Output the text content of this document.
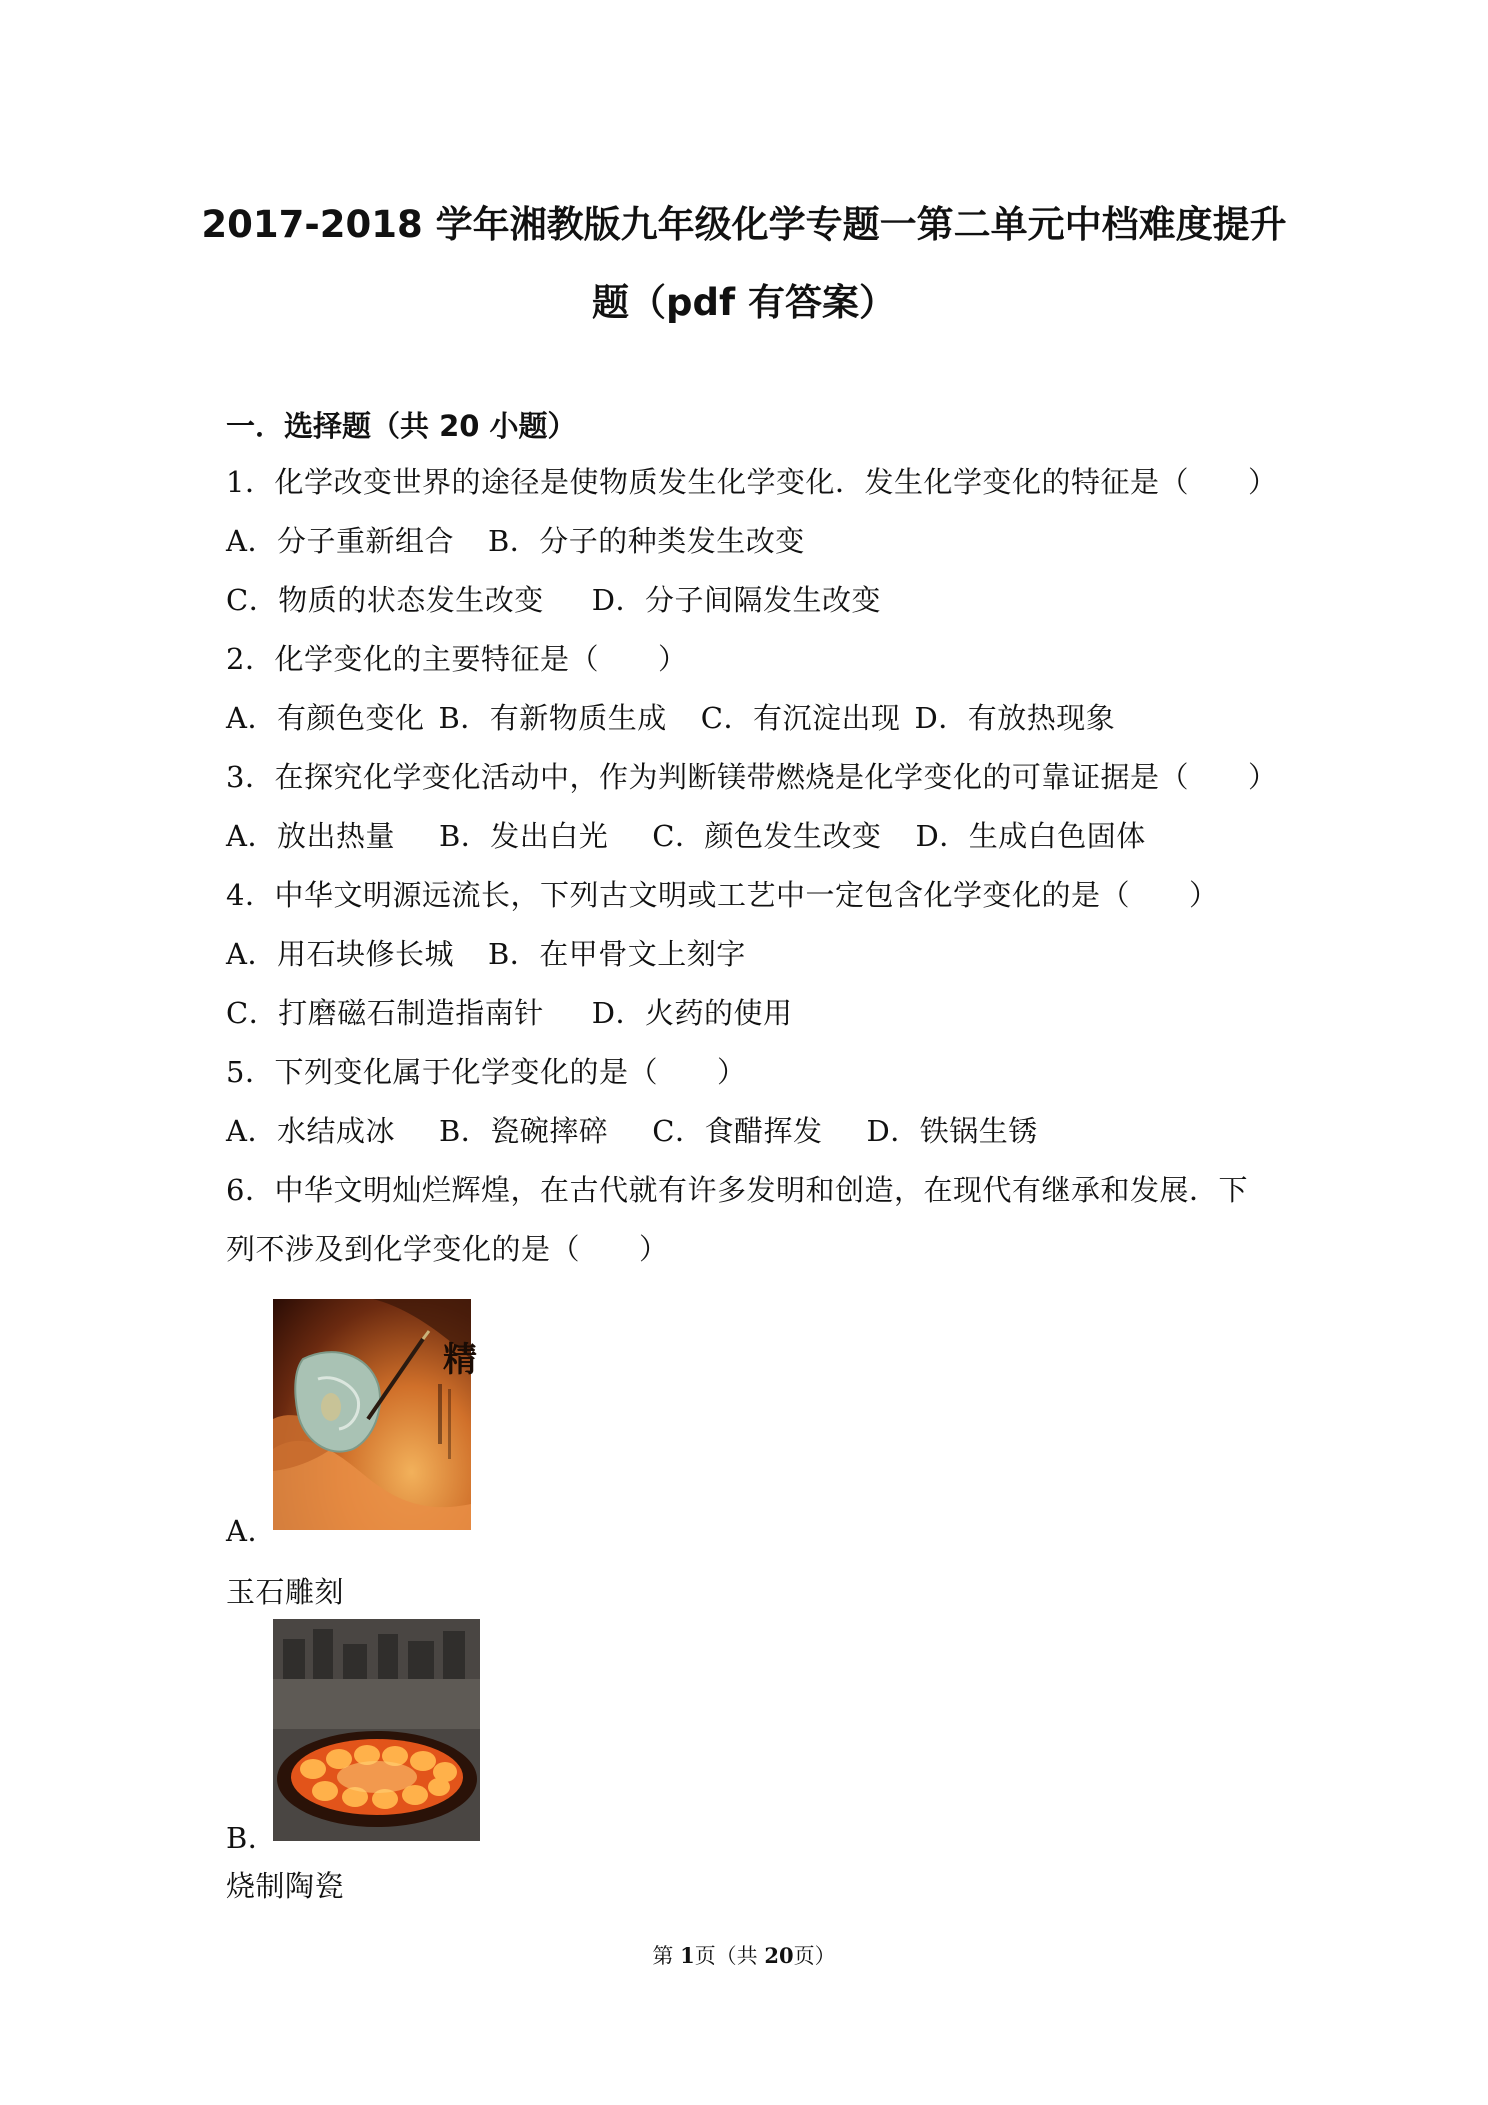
2017-2018 学年湘教版九年级化学专题一第二单元中档难度提升
题（pdf 有答案）
一．选择题（共 20 小题）
1．化学改变世界的途径是使物质发生化学变化．发生化学变化的特征是（　　）
A．分子重新组合 B．分子的种类发生改变
C．物质的状态发生改变 D．分子间隔发生改变
2．化学变化的主要特征是（　　）
A．有颜色变化 B．有新物质生成 C．有沉淀出现 D．有放热现象
3．在探究化学变化活动中，作为判断镁带燃烧是化学变化的可靠证据是（　　）
A．放出热量 B．发出白光 C．颜色发生改变 D．生成白色固体
4．中华文明源远流长，下列古文明或工艺中一定包含化学变化的是（　　）
A．用石块修长城 B．在甲骨文上刻字
C．打磨磁石制造指南针 D．火药的使用
5．下列变化属于化学变化的是（　　）
A．水结成冰 B．瓷碗摔碎 C．食醋挥发 D．铁锅生锈
6．中华文明灿烂辉煌，在古代就有许多发明和创造，在现代有继承和发展．下
列不涉及到化学变化的是（　　）
精
A．
玉石雕刻
B．
烧制陶瓷
第 1页（共 20页）
